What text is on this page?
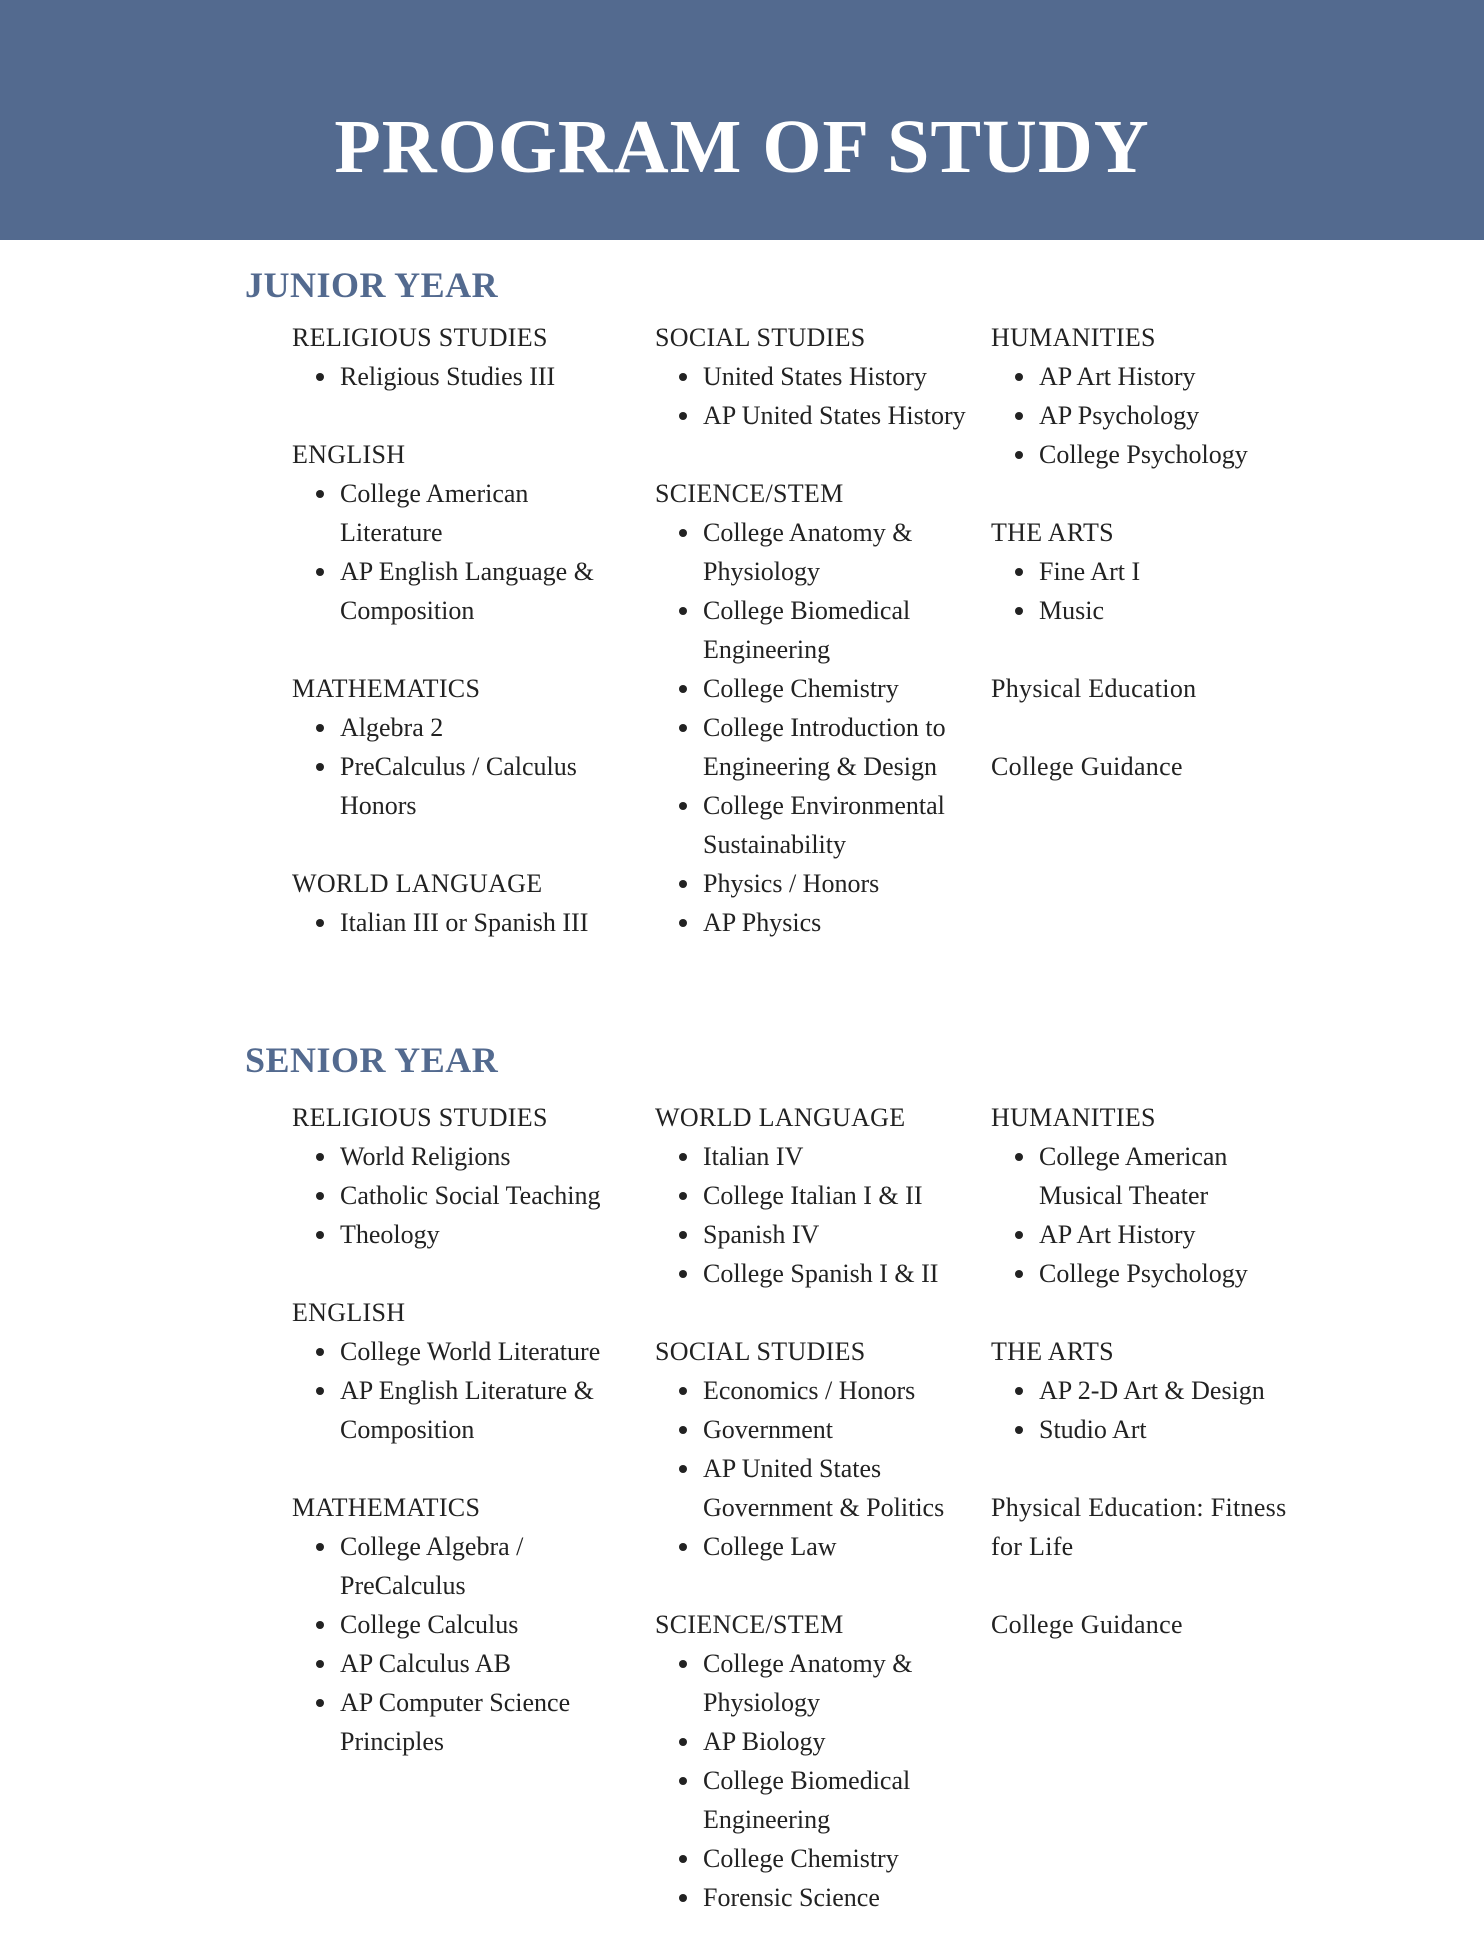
PROGRAM OF STUDY
JUNIOR YEAR
RELIGIOUS STUDIES
Religious Studies III
ENGLISH
College American Literature
AP English Language & Composition
MATHEMATICS
Algebra 2
PreCalculus / Calculus Honors
WORLD LANGUAGE
Italian III or Spanish III
SOCIAL STUDIES
United States History
AP United States History
SCIENCE/STEM
College Anatomy & Physiology
College Biomedical Engineering
College Chemistry
College Introduction to Engineering & Design
College Environmental Sustainability
Physics / Honors
AP Physics
HUMANITIES
AP Art History
AP Psychology
College Psychology
THE ARTS
Fine Art I
Music
Physical Education
College Guidance
SENIOR YEAR
RELIGIOUS STUDIES
World Religions
Catholic Social Teaching
Theology
ENGLISH
College World Literature
AP English Literature & Composition
MATHEMATICS
College Algebra / PreCalculus
College Calculus
AP Calculus AB
AP Computer Science Principles
WORLD LANGUAGE
Italian IV
College Italian I & II
Spanish IV
College Spanish I & II
SOCIAL STUDIES
Economics / Honors
Government
AP United States Government & Politics
College Law
SCIENCE/STEM
College Anatomy & Physiology
AP Biology
College Biomedical Engineering
College Chemistry
Forensic Science
HUMANITIES
College American Musical Theater
AP Art History
College Psychology
THE ARTS
AP 2-D Art & Design
Studio Art
Physical Education: Fitness for Life
College Guidance
